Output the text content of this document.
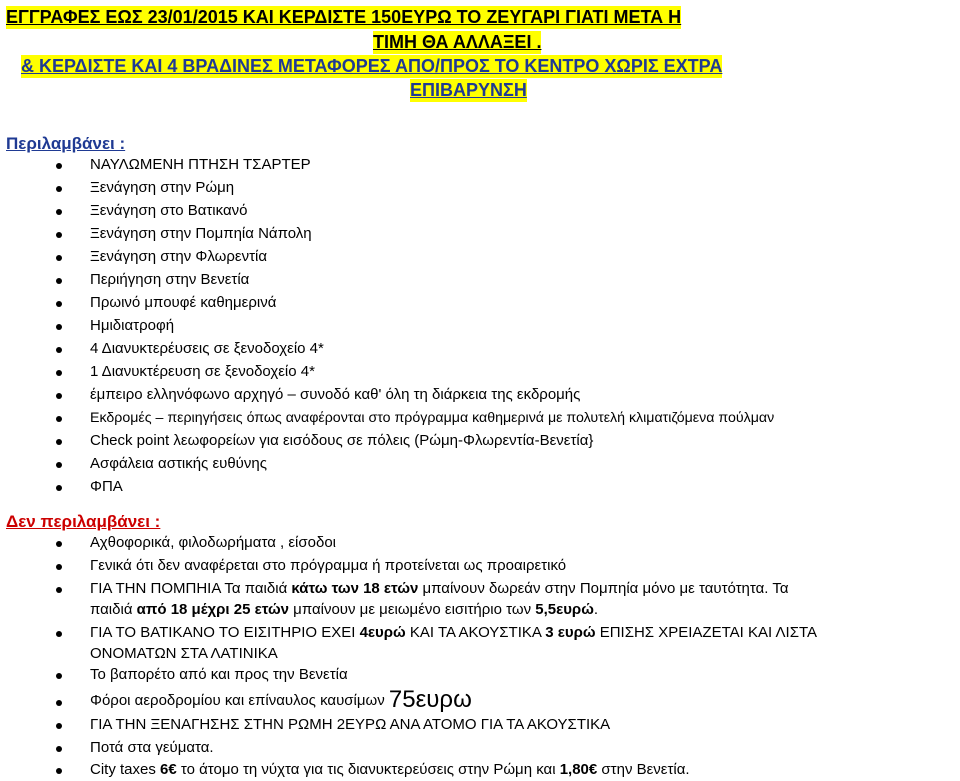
ΕΓΓΡΑΦΕΣ ΕΩΣ 23/01/2015 ΚΑΙ ΚΕΡΔΙΣΤΕ 150ΕΥΡΩ ΤΟ ΖΕΥΓΑΡΙ ΓΙΑΤΙ ΜΕΤΑ Η
ΤΙΜΗ ΘΑ ΑΛΛΑΞΕΙ .
& ΚΕΡΔΙΣΤΕ ΚΑΙ 4 ΒΡΑΔΙΝΕΣ ΜΕΤΑΦΟΡΕΣ ΑΠΟ/ΠΡΟΣ ΤΟ ΚΕΝΤΡΟ ΧΩΡΙΣ ΕΧΤΡΑ
ΕΠΙΒΑΡΥΝΣΗ
Περιλαμβάνει :
ΝΑΥΛΩΜΕΝΗ ΠΤΗΣΗ ΤΣΑΡΤΕΡ
Ξενάγηση στην Ρώμη
Ξενάγηση στο Βατικανό
Ξενάγηση στην Πομπηία Νάπολη
Ξενάγηση στην Φλωρεντία
Περιήγηση στην Βενετία
Πρωινό μπουφέ καθημερινά
Ημιδιατροφή
4 Διανυκτερέυσεις σε ξενοδοχείο 4*
1 Διανυκτέρευση σε ξενοδοχείο 4*
έμπειρο ελληνόφωνο αρχηγό – συνοδό καθ' όλη τη διάρκεια της εκδρομής
Εκδρομές – περιηγήσεις όπως αναφέρονται στο πρόγραμμα καθημερινά με πολυτελή κλιματιζόμενα πούλμαν
Check point λεωφορείων για εισόδους σε πόλεις (Ρώμη-Φλωρεντία-Βενετία}
Ασφάλεια αστικής ευθύνης
ΦΠΑ
Δεν περιλαμβάνει :
Αχθοφορικά, φιλοδωρήματα , είσοδοι
Γενικά ότι δεν αναφέρεται στο πρόγραμμα ή προτείνεται ως προαιρετικό
ΓΙΑ ΤΗΝ ΠΟΜΠΗΙΑ Τα παιδιά κάτω των 18 ετών μπαίνουν δωρεάν στην Πομπηία μόνο με ταυτότητα. Τα
παιδιά από 18 μέχρι 25 ετών μπαίνουν με μειωμένο εισιτήριο των 5,5ευρώ.
ΓΙΑ ΤΟ ΒΑΤΙΚΑΝΟ ΤΟ ΕΙΣΙΤΗΡΙΟ ΕΧΕΙ 4ευρώ ΚΑΙ ΤΑ ΑΚΟΥΣΤΙΚΑ 3 ευρώ ΕΠΙΣΗΣ ΧΡΕΙΑΖΕΤΑΙ ΚΑΙ ΛΙΣΤΑ
ΟΝΟΜΑΤΩΝ ΣΤΑ ΛΑΤΙΝΙΚΑ
Το βαπορέτο από και προς την Βενετία
Φόροι αεροδρομίου και επίναυλος καυσίμων 75ευρω
ΓΙΑ ΤΗΝ ΞΕΝΑΓΗΣΗΣ ΣΤΗΝ ΡΩΜΗ 2ΕΥΡΩ ΑΝΑ ΑΤΟΜΟ ΓΙΑ ΤΑ ΑΚΟΥΣΤΙΚΑ
Ποτά στα γεύματα.
City taxes 6€ το άτομο τη νύχτα για τις διανυκτερεύσεις στην Ρώμη και 1,80€ στην Βενετία.
